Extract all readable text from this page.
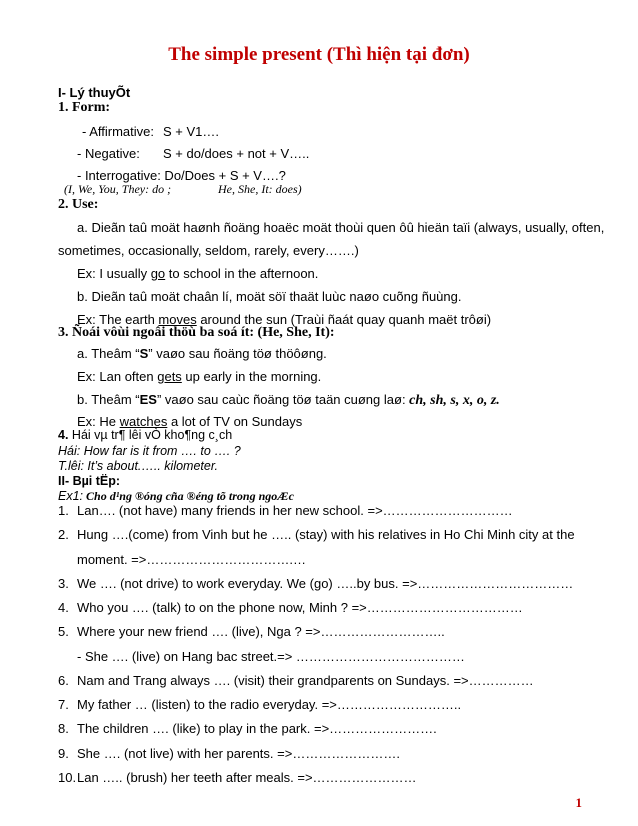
The simple present (Thì hiện tại đơn)
I- Lý thuyÕt
1. Form:
- Affirmative: S + V1….
- Negative: S + do/does + not + V…..
- Interrogative: Do/Does + S + V….?
(I, We, You, They: do ;	He, She, It: does)
2. Use:
a. Dieãn taû moät haønh ñoäng hoaëc moät thoùi quen ôû hieän taïi (always, usually, often,
sometimes, occasionally, seldom, rarely, every…….)
Ex: I usually go to school in the afternoon.
b. Dieãn taû moät chaân lí, moät söï thaät luùc naøo cuõng ñuùng.
Ex: The earth moves around the sun (Traùi ñaát quay quanh maët trôøi)
3. Ñoái vôùi ngoâi thöù ba soá ít: (He, She, It):
a. Theâm “S” vaøo sau ñoäng töø thöôøng.
Ex: Lan often gets up early in the morning.
b. Theâm “ES” vaøo sau caùc ñoäng töø taän cuøng laø: ch, sh, s, x, o, z.
Ex: He watches a lot of TV on Sundays
4. Hái vµ tr¶ lêi vÒ kho¶ng c¸ch
Hái: How far is it from …. to …. ?
T.lêi: It’s about.….. kilometer.
II- Bµi tËp:
Ex1: Cho d¹ng ®óng cña ®éng tõ trong ngoÆc
1. Lan…. (not have) many friends in her new school. =>…………………………
2. Hung ….(come) from Vinh but he ….. (stay) with his relatives in Ho Chi Minh city at the
moment. =>…………………………….…
3. We …. (not drive) to work everyday. We (go) …..by bus. =>………………………………
4. Who you …. (talk) to on the phone now, Minh ? =>………………………………
5. Where your new friend …. (live), Nga ? =>………………………..
- She …. (live) on Hang bac street.=> …………………………………
6. Nam and Trang always …. (visit) their grandparents on Sundays. =>……………
7. My father … (listen) to the radio everyday. =>………………………..
8. The children …. (like) to play in the park. =>…………………….
9. She …. (not live) with her parents. =>…………………….
10.Lan ….. (brush) her teeth after meals. =>……………………
1
